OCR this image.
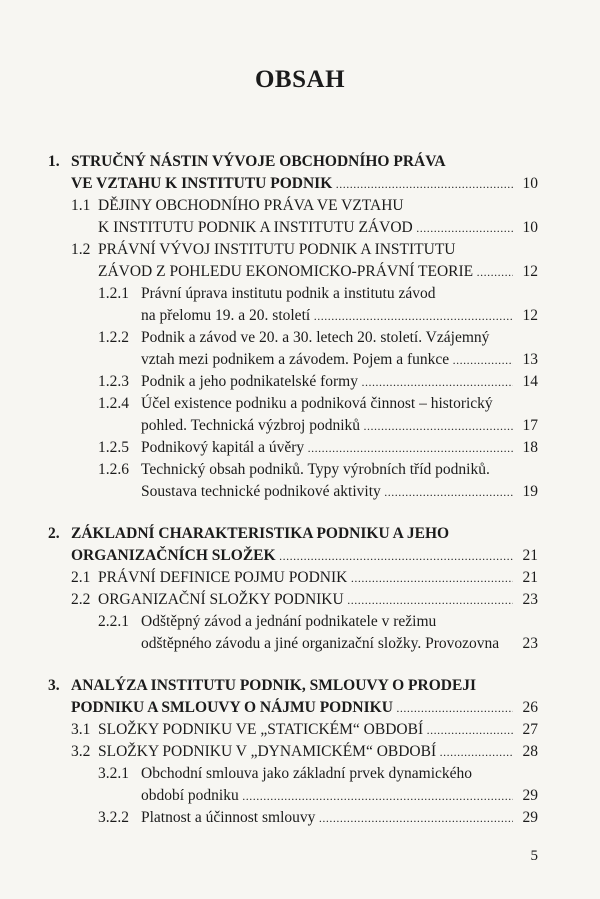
OBSAH
1. STRUČNÝ NÁSTIN VÝVOJE OBCHODNÍHO PRÁVA
VE VZTAHU K INSTITUTU PODNIK .....	10
1.1 DĚJINY OBCHODNÍHO PRÁVA VE VZTAHU
K INSTITUTU PODNIK A INSTITUTU ZÁVOD .....	10
1.2 PRÁVNÍ VÝVOJ INSTITUTU PODNIK A INSTITUTU
ZÁVOD Z POHLEDU EKONOMICKO-PRÁVNÍ TEORIE .....	12
1.2.1 Právní úprava institutu podnik a institutu závod
na přelomu 19. a 20. století .....	12
1.2.2 Podnik a závod ve 20. a 30. letech 20. století. Vzájemný
vztah mezi podnikem a závodem. Pojem a funkce .....	13
1.2.3 Podnik a jeho podnikatelské formy .....	14
1.2.4 Účel existence podniku a podniková činnost – historický
pohled. Technická výzbroj podniků .....	17
1.2.5 Podnikový kapitál a úvěry .....	18
1.2.6 Technický obsah podniků. Typy výrobních tříd podniků.
Soustava technické podnikové aktivity .....	19
2. ZÁKLADNÍ CHARAKTERISTIKA PODNIKU A JEHO
ORGANIZAČNÍCH SLOŽEK .....	21
2.1 PRÁVNÍ DEFINICE POJMU PODNIK .....	21
2.2 ORGANIZAČNÍ SLOŽKY PODNIKU .....	23
2.2.1 Odštěpný závod a jednání podnikatele v režimu
odštěpného závodu a jiné organizační složky. Provozovna 23
3. ANALÝZA INSTITUTU PODNIK, SMLOUVY O PRODEJI
PODNIKU A SMLOUVY O NÁJMU PODNIKU .....	26
3.1 SLOŽKY PODNIKU VE „STATICKÉM“ OBDOBÍ .....	27
3.2 SLOŽKY PODNIKU V „DYNAMICKÉM“ OBDOBÍ .....	28
3.2.1 Obchodní smlouva jako základní prvek dynamického
období podniku .....	29
3.2.2 Platnost a účinnost smlouvy .....	29
5
